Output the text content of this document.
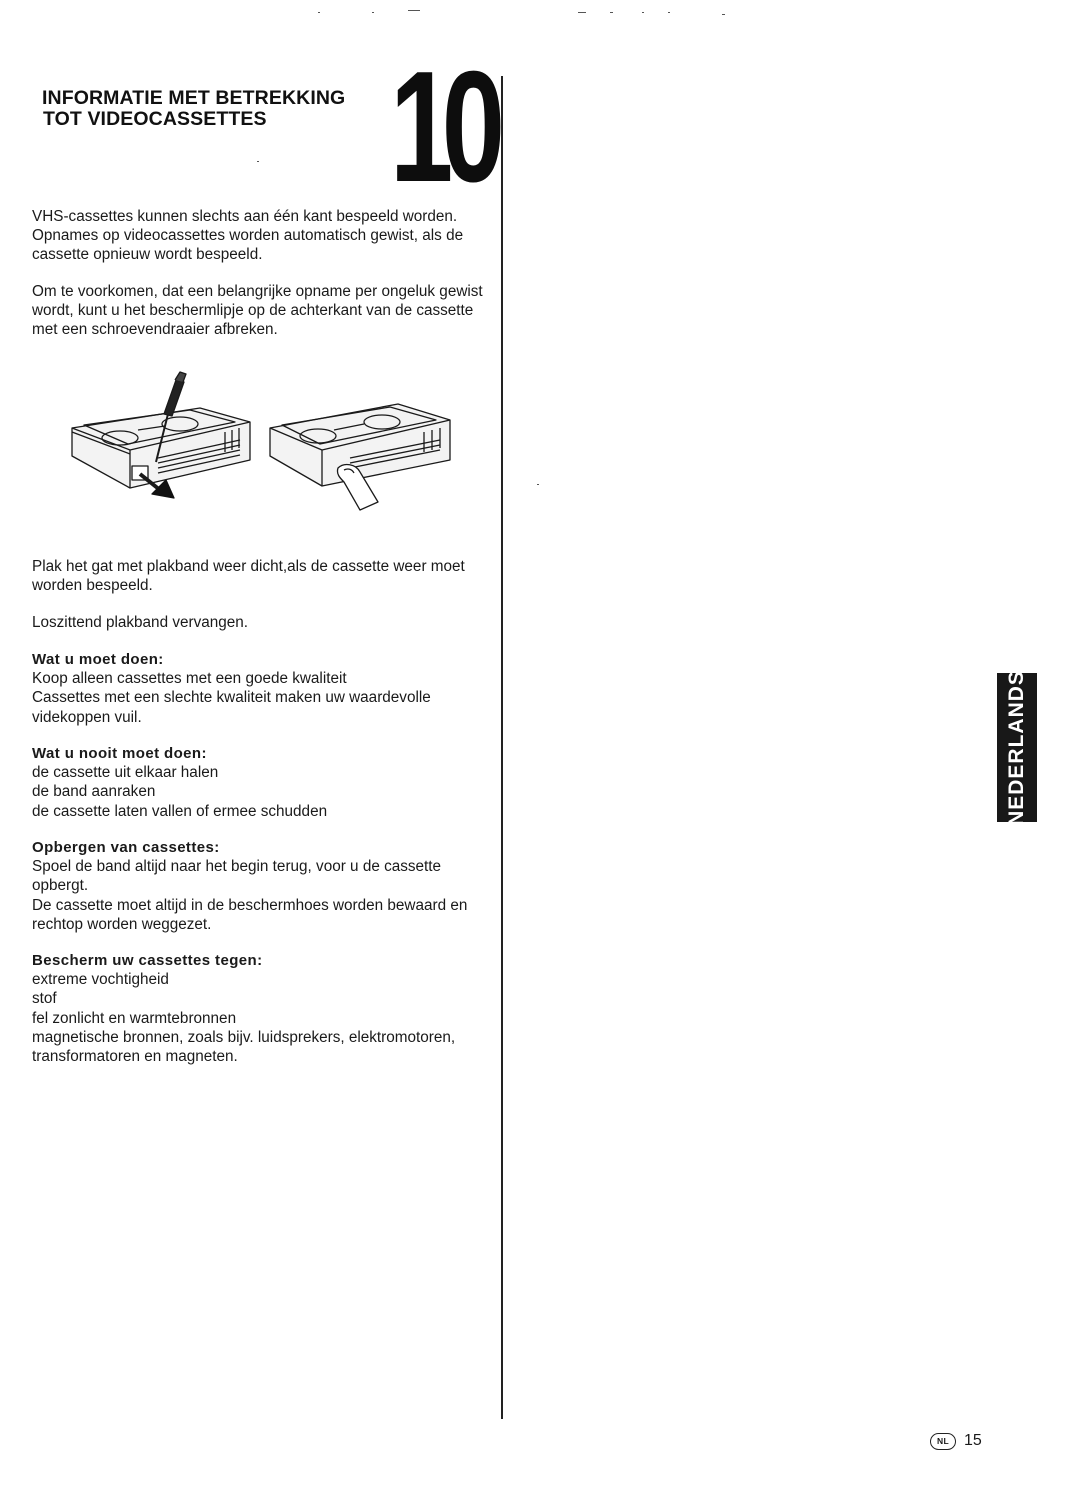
INFORMATIE MET BETREKKING
TOT VIDEOCASSETTES 10

VHS-cassettes kunnen slechts aan één kant bespeeld worden. Opnames op videocassettes worden automatisch gewist, als de cassette opnieuw wordt bespeeld.

Om te voorkomen, dat een belangrijke opname per ongeluk gewist wordt, kunt u het beschermlipje op de achterkant van de cassette met een schroevendraaier afbreken.

Plak het gat met plakband weer dicht,als de cassette weer moet worden bespeeld.

Loszittend plakband vervangen.

Wat u moet doen:

Koop alleen cassettes met een goede kwaliteit

Cassettes met een slechte kwaliteit maken uw waardevolle videkoppen vuil.

Wat u nooit moet doen:

de cassette uit elkaar halen

de band aanraken

de cassette laten vallen of ermee schudden

Opbergen van cassettes:

Spoel de band altijd naar het begin terug, voor u de cassette opbergt.

De cassette moet altijd in de beschermhoes worden bewaard en rechtop worden weggezet.

Bescherm uw cassettes tegen:

extreme vochtigheid

stof

fel zonlicht en warmtebronnen

magnetische bronnen, zoals bijv. luidsprekers, elektromotoren, transformatoren en magneten.

NEDERLANDS
NL 15
